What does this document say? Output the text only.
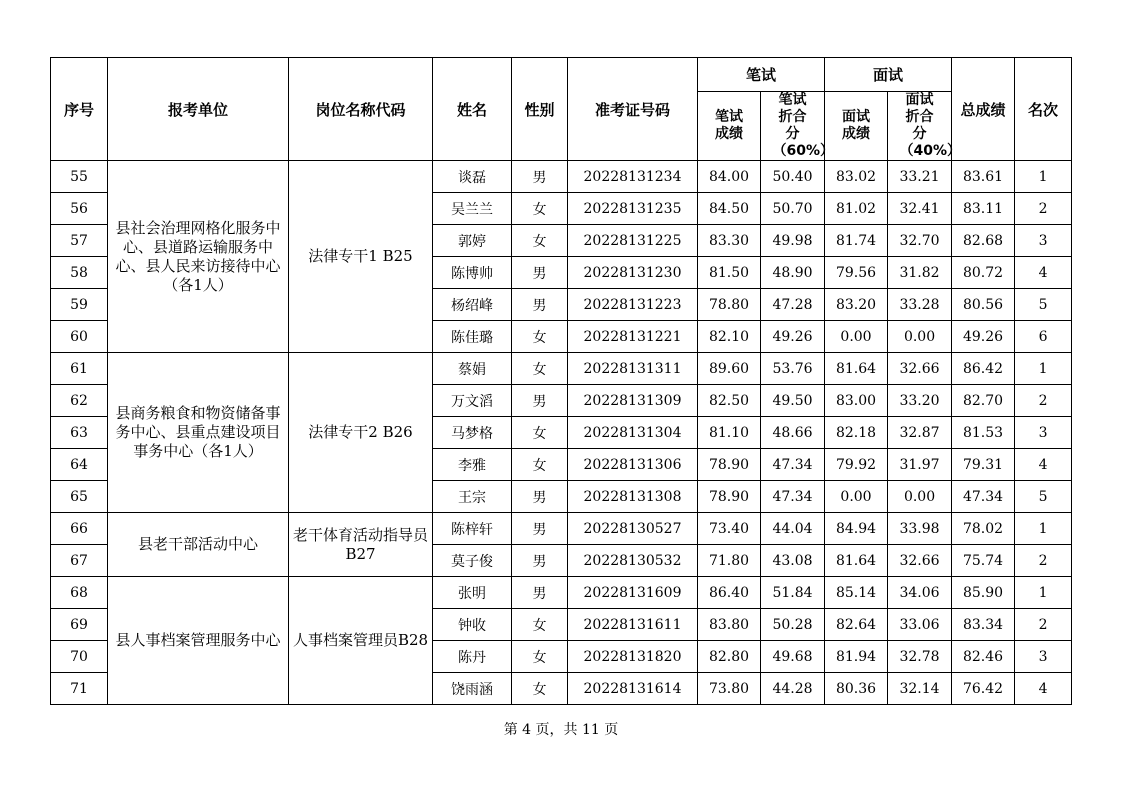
序号	报考单位	岗位名称代码	姓名	性别	准考证号码	笔试		面试		总成绩	名次
						笔试成绩	笔试折合分（60%）	面试成绩	面试折合分（40%）		
55	县社会治理网格化服务中心、县道路运输服务中心、县人民来访接待中心（各1人）	法律专干1 B25	谈磊	男	20228131234	84.00	50.40	83.02	33.21	83.61	1
56			吴兰兰	女	20228131235	84.50	50.70	81.02	32.41	83.11	2
57			郭婷	女	20228131225	83.30	49.98	81.74	32.70	82.68	3
58			陈博帅	男	20228131230	81.50	48.90	79.56	31.82	80.72	4
59			杨绍峰	男	20228131223	78.80	47.28	83.20	33.28	80.56	5
60			陈佳璐	女	20228131221	82.10	49.26	0.00	0.00	49.26	6
61	县商务粮食和物资储备事务中心、县重点建设项目事务中心（各1人）	法律专干2 B26	蔡娟	女	20228131311	89.60	53.76	81.64	32.66	86.42	1
62			万文滔	男	20228131309	82.50	49.50	83.00	33.20	82.70	2
63			马梦格	女	20228131304	81.10	48.66	82.18	32.87	81.53	3
64			李雅	女	20228131306	78.90	47.34	79.92	31.97	79.31	4
65			王宗	男	20228131308	78.90	47.34	0.00	0.00	47.34	5
66	县老干部活动中心	老干体育活动指导员B27	陈梓轩	男	20228130527	73.40	44.04	84.94	33.98	78.02	1
67			莫子俊	男	20228130532	71.80	43.08	81.64	32.66	75.74	2
68	县人事档案管理服务中心	人事档案管理员B28	张明	男	20228131609	86.40	51.84	85.14	34.06	85.90	1
69			钟收	女	20228131611	83.80	50.28	82.64	33.06	83.34	2
70			陈丹	女	20228131820	82.80	49.68	81.94	32.78	82.46	3
71			饶雨涵	女	20228131614	73.80	44.28	80.36	32.14	76.42	4
第 4 页，共 11 页
